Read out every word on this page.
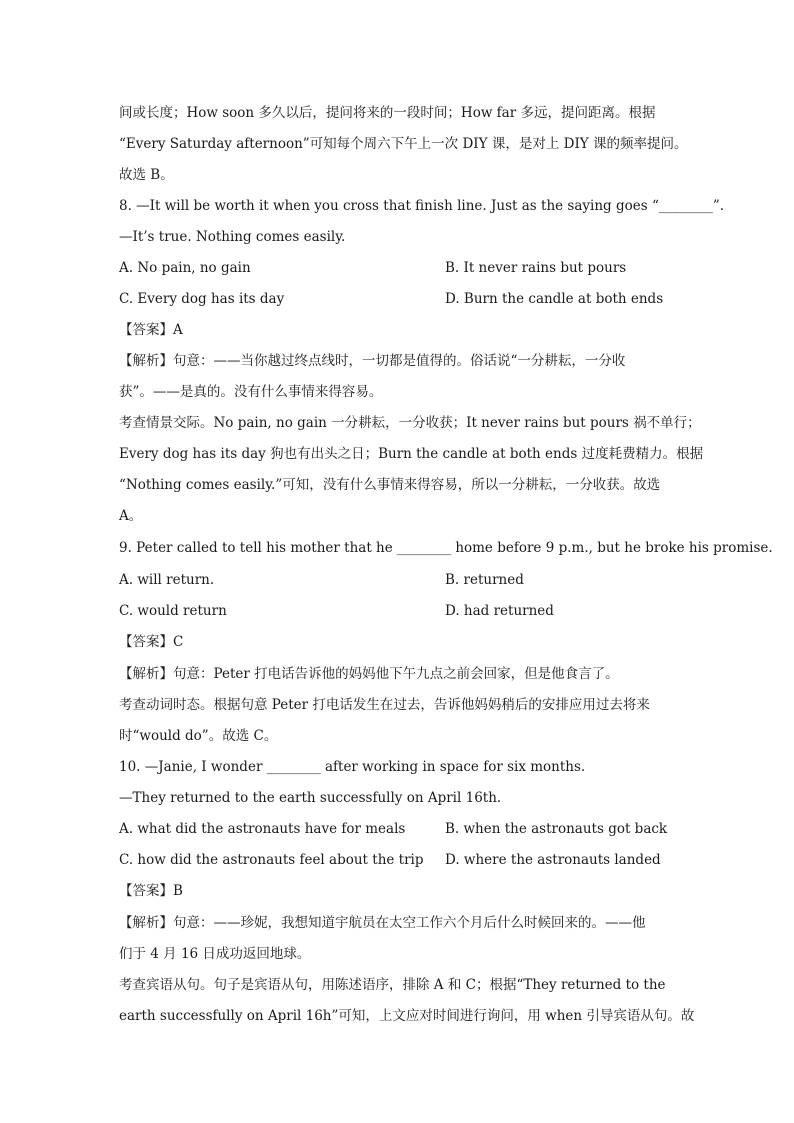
间或长度；How soon 多久以后，提问将来的一段时间；How far 多远，提问距离。根据
“Every Saturday afternoon”可知每个周六下午上一次 DIY 课，是对上 DIY 课的频率提问。
故选 B。
8. —It will be worth it when you cross that finish line. Just as the saying goes “________”.
—It’s true. Nothing comes easily.
A. No pain, no gain	B. It never rains but pours
C. Every dog has its day	D. Burn the candle at both ends
【答案】A
【解析】句意：——当你越过终点线时，一切都是值得的。俗话说“一分耕耘，一分收
获”。——是真的。没有什么事情来得容易。
考查情景交际。No pain, no gain 一分耕耘，一分收获；It never rains but pours 祸不单行；
Every dog has its day 狗也有出头之日；Burn the candle at both ends 过度耗费精力。根据
“Nothing comes easily.”可知，没有什么事情来得容易，所以一分耕耘，一分收获。故选
A。
9. Peter called to tell his mother that he ________ home before 9 p.m., but he broke his promise.
A. will return.	B. returned
C. would return	D. had returned
【答案】C
【解析】句意：Peter 打电话告诉他的妈妈他下午九点之前会回家，但是他食言了。
考查动词时态。根据句意 Peter 打电话发生在过去，告诉他妈妈稍后的安排应用过去将来
时“would do”。故选 C。
10. —Janie, I wonder ________ after working in space for six months.
—They returned to the earth successfully on April 16th.
A. what did the astronauts have for meals	B. when the astronauts got back
C. how did the astronauts feel about the trip D. where the astronauts landed
【答案】B
【解析】句意：——珍妮，我想知道宇航员在太空工作六个月后什么时候回来的。——他
们于 4 月 16 日成功返回地球。
考查宾语从句。句子是宾语从句，用陈述语序，排除 A 和 C；根据“They returned to the
earth successfully on April 16h”可知，上文应对时间进行询问，用 when 引导宾语从句。故
